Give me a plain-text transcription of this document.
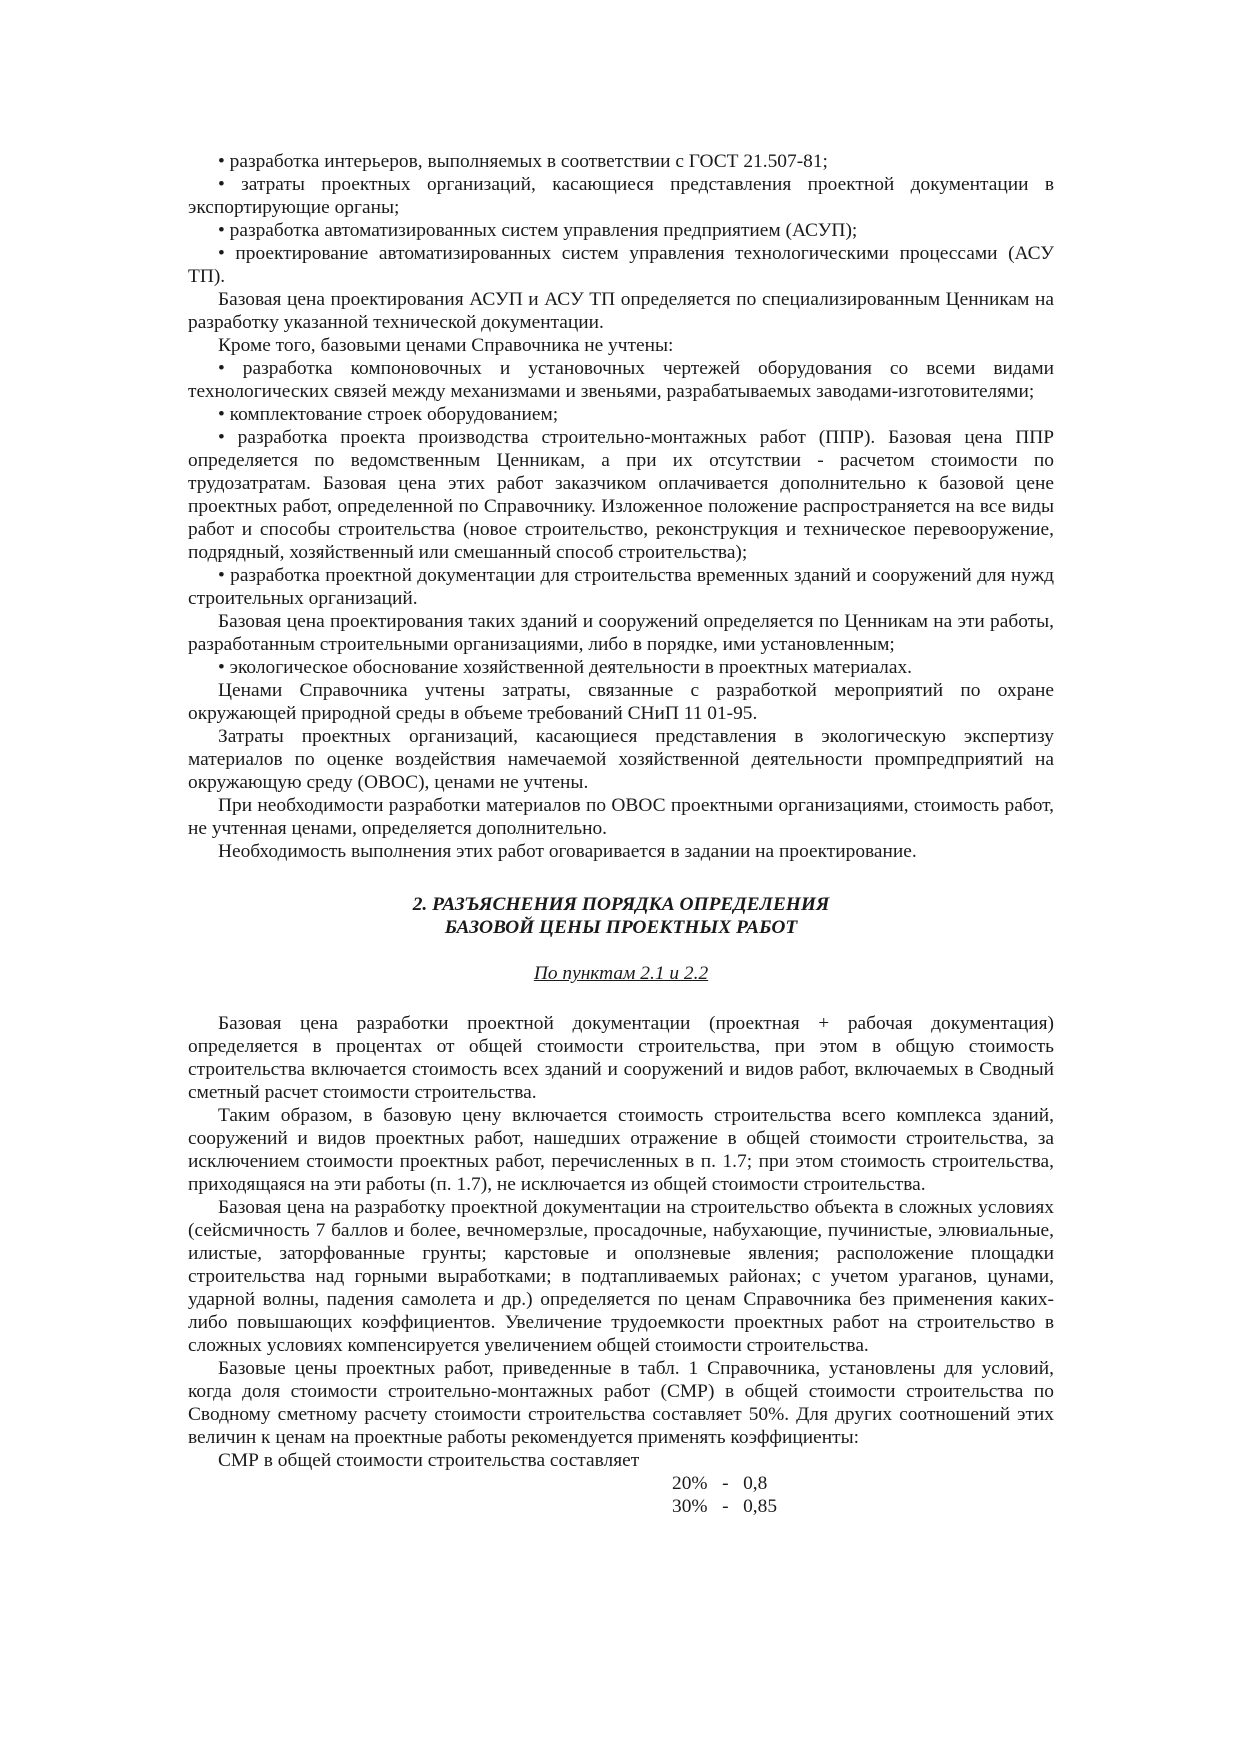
• разработка интерьеров, выполняемых в соответствии с ГОСТ 21.507-81;

• затраты проектных организаций, касающиеся представления проектной документации в экспортирующие органы;

• разработка автоматизированных систем управления предприятием (АСУП);

• проектирование автоматизированных систем управления технологическими процессами (АСУ ТП).

Базовая цена проектирования АСУП и АСУ ТП определяется по специализированным Ценникам на разработку указанной технической документации.

Кроме того, базовыми ценами Справочника не учтены:

• разработка компоновочных и установочных чертежей оборудования со всеми видами технологических связей между механизмами и звеньями, разрабатываемых заводами-изготовителями;

• комплектование строек оборудованием;

• разработка проекта производства строительно-монтажных работ (ППР). Базовая цена ППР определяется по ведомственным Ценникам, а при их отсутствии - расчетом стоимости по трудозатратам. Базовая цена этих работ заказчиком оплачивается дополнительно к базовой цене проектных работ, определенной по Справочнику. Изложенное положение распространяется на все виды работ и способы строительства (новое строительство, реконструкция и техническое перевооружение, подрядный, хозяйственный или смешанный способ строительства);

• разработка проектной документации для строительства временных зданий и сооружений для нужд строительных организаций.

Базовая цена проектирования таких зданий и сооружений определяется по Ценникам на эти работы, разработанным строительными организациями, либо в порядке, ими установленным;

• экологическое обоснование хозяйственной деятельности в проектных материалах.

Ценами Справочника учтены затраты, связанные с разработкой мероприятий по охране окружающей природной среды в объеме требований СНиП 11 01-95.

Затраты проектных организаций, касающиеся представления в экологическую экспертизу материалов по оценке воздействия намечаемой хозяйственной деятельности промпредприятий на окружающую среду (ОВОС), ценами не учтены.

При необходимости разработки материалов по ОВОС проектными организациями, стоимость работ, не учтенная ценами, определяется дополнительно.

Необходимость выполнения этих работ оговаривается в задании на проектирование.

2. РАЗЪЯСНЕНИЯ ПОРЯДКА ОПРЕДЕЛЕНИЯ
БАЗОВОЙ ЦЕНЫ ПРОЕКТНЫХ РАБОТ
По пунктам 2.1 и 2.2

Базовая цена разработки проектной документации (проектная + рабочая документация) определяется в процентах от общей стоимости строительства, при этом в общую стоимость строительства включается стоимость всех зданий и сооружений и видов работ, включаемых в Сводный сметный расчет стоимости строительства.

Таким образом, в базовую цену включается стоимость строительства всего комплекса зданий, сооружений и видов проектных работ, нашедших отражение в общей стоимости строительства, за исключением стоимости проектных работ, перечисленных в п. 1.7; при этом стоимость строительства, приходящаяся на эти работы (п. 1.7), не исключается из общей стоимости строительства.

Базовая цена на разработку проектной документации на строительство объекта в сложных условиях (сейсмичность 7 баллов и более, вечномерзлые, просадочные, набухающие, пучинистые, элювиальные, илистые, заторфованные грунты; карстовые и оползневые явления; расположение площадки строительства над горными выработками; в подтапливаемых районах; с учетом ураганов, цунами, ударной волны, падения самолета и др.) определяется по ценам Справочника без применения каких-либо повышающих коэффициентов. Увеличение трудоемкости проектных работ на строительство в сложных условиях компенсируется увеличением общей стоимости строительства.

Базовые цены проектных работ, приведенные в табл. 1 Справочника, установлены для условий, когда доля стоимости строительно-монтажных работ (СМР) в общей стоимости строительства по Сводному сметному расчету стоимости строительства составляет 50%. Для других соотношений этих величин к ценам на проектные работы рекомендуется применять коэффициенты:

СМР в общей стоимости строительства составляет

20%   -   0,8

30%   -   0,85
